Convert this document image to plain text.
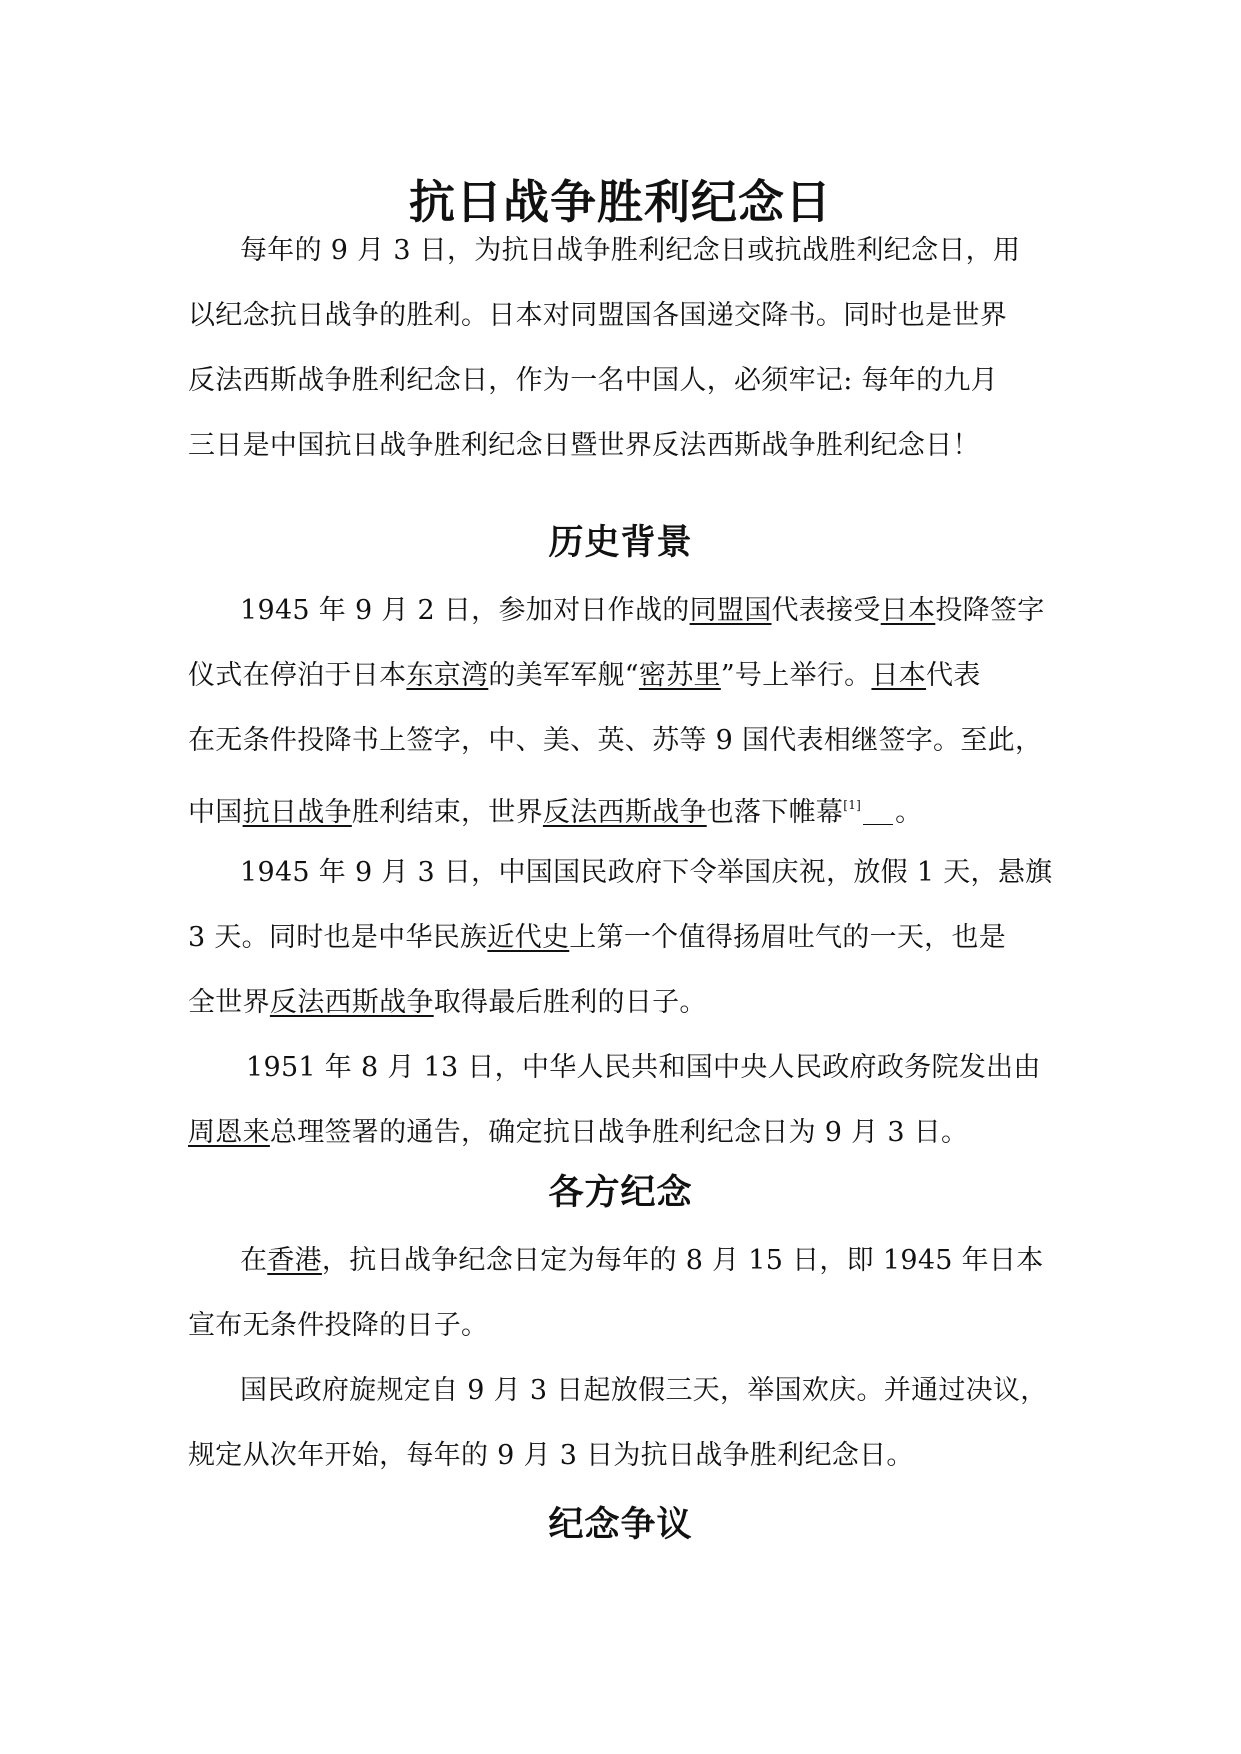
抗日战争胜利纪念日
每年的 9 月 3 日，为抗日战争胜利纪念日或抗战胜利纪念日，用
以纪念抗日战争的胜利。日本对同盟国各国递交降书。同时也是世界
反法西斯战争胜利纪念日，作为一名中国人，必须牢记: 每年的九月
三日是中国抗日战争胜利纪念日暨世界反法西斯战争胜利纪念日！
历史背景
1945 年 9 月 2 日，参加对日作战的同盟国代表接受日本投降签字
仪式在停泊于日本东京湾的美军军舰“密苏里”号上举行。日本代表
在无条件投降书上签字，中、美、英、苏等 9 国代表相继签字。至此，
中国抗日战争胜利结束，世界反法西斯战争也落下帷幕[1] 。
1945 年 9 月 3 日，中国国民政府下令举国庆祝，放假 1 天，悬旗
3 天。同时也是中华民族近代史上第一个值得扬眉吐气的一天，也是
全世界反法西斯战争取得最后胜利的日子。
1951 年 8 月 13 日，中华人民共和国中央人民政府政务院发出由
周恩来总理签署的通告，确定抗日战争胜利纪念日为 9 月 3 日。
各方纪念
在香港，抗日战争纪念日定为每年的 8 月 15 日，即 1945 年日本
宣布无条件投降的日子。
国民政府旋规定自 9 月 3 日起放假三天，举国欢庆。并通过决议，
规定从次年开始，每年的 9 月 3 日为抗日战争胜利纪念日。
纪念争议
